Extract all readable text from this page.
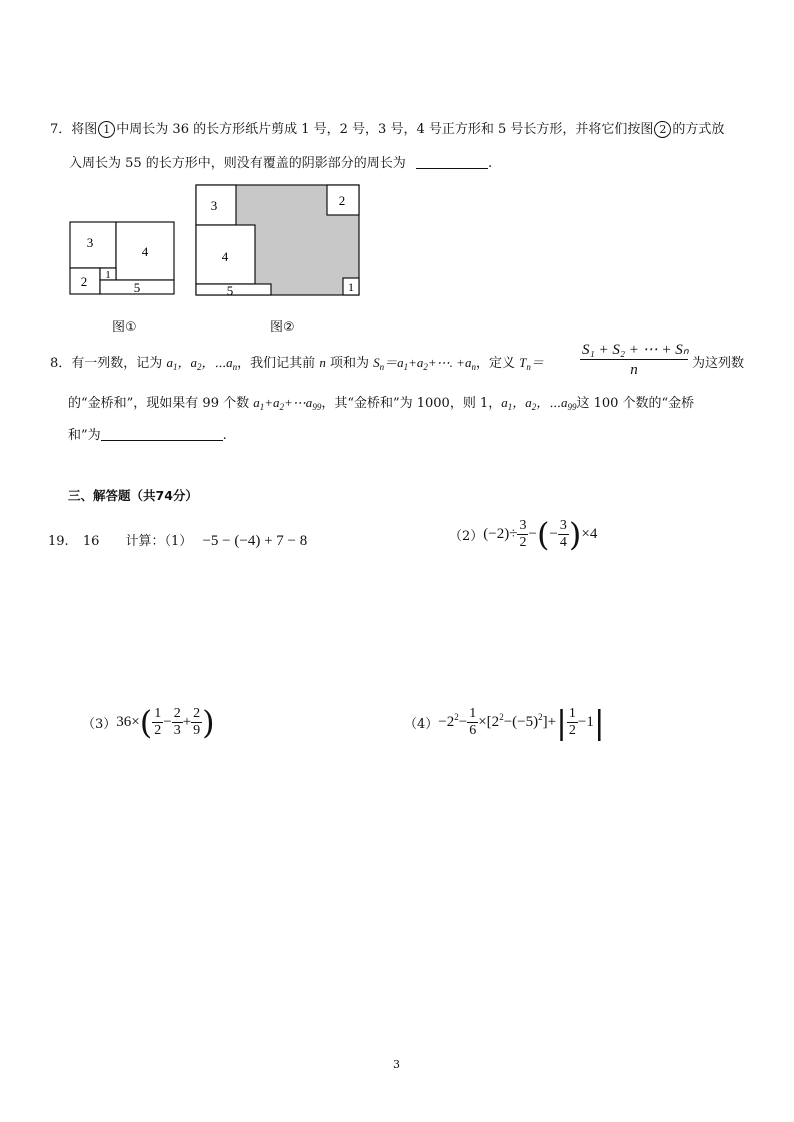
7．将图 1 中周长为 36 的长方形纸片剪成 1 号，2 号，3 号，4 号正方形和 5 号长方形，并将它们按图 2 的方式放
入周长为 55 的长方形中，则没有覆盖的阴影部分的周长为	.
3
4
2 1
5
图①
3	2
4
1
5
图②
8．有一列数，记为 $a_1$，$a_2$，$\cdots a_n$，我们记其前 n 项和为 $S_n=a_1+a_2+\cdots$. $+a_n$，定义 $T_n= \frac{\text{S₁ + S₂ + ⋯ + Sₙ}}{n}$ 为这列数
的“金桥和”，现如果有 99 个数 $a_1+a_2+\cdots a_{99}$，其“金桥和”为 1000，则 1，$a_1$，$a_2$，$\cdots a_{99}$这 100 个数的“金桥
和”为	.
三、解答题（共74分）
19. 16 计算：（1） −5 − (−4) + 7 − 8	$(2)(-2)\div \frac{3}{2}$ −(− $\frac{3}{4} )\times 4$
$(3)36\times( \frac{1}{2} - \frac{2}{3} + \frac{2}{9}$ )	$(4)-2^2- \frac{1}{6} \times[2^2-(-5)^2]+| \frac{1}{2} -1|$
3
